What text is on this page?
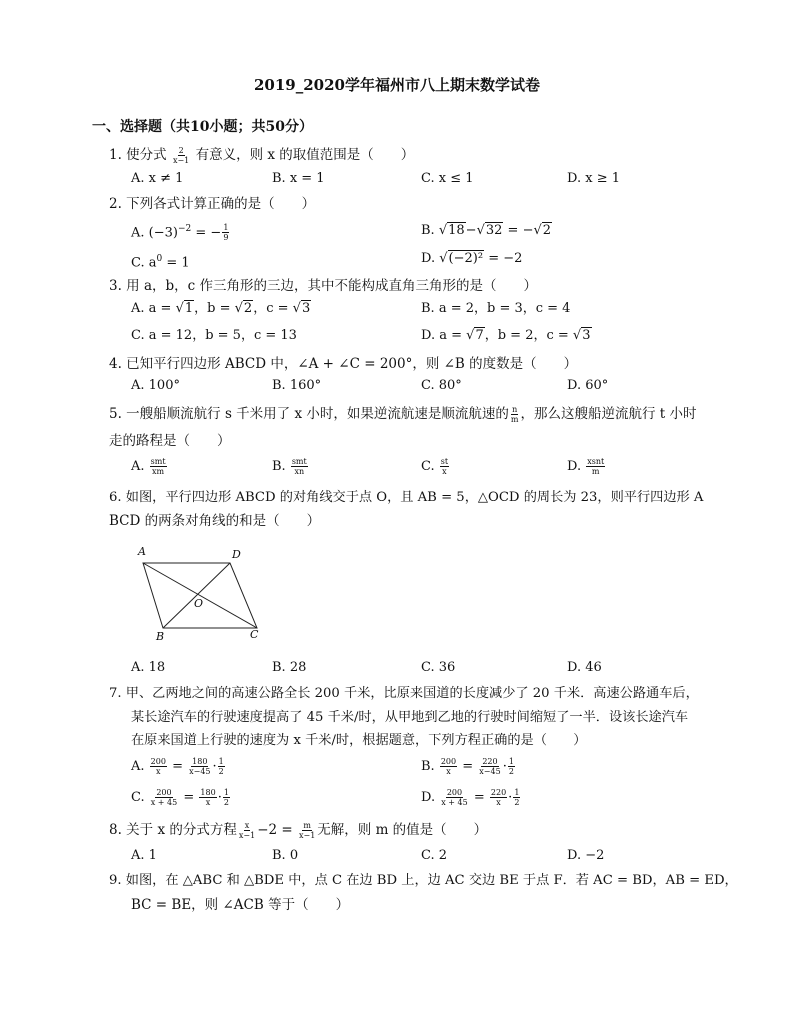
2019_2020学年福州市八上期末数学试卷
一、选择题（共10小题；共50分）
1. 使分式 $\frac{2}{x-1}$ 有意义，则 x 的取值范围是（　　）
A. x ≠ 1	B. x = 1	C. x ≤ 1	D. x ≥ 1
2. 下列各式计算正确的是（　　）
A. $(-3)^{-2}$ = − $\frac{1}{9}$	B. √18−√32 = −√2
C. $a^0 = 1$	D. √(−2)² = −2
3. 用 a，b，c 作三角形的三边，其中不能构成直角三角形的是（　　）
A. a = √1，b = √2，c = √3	B. a = 2，b = 3，c = 4
C. a = 12，b = 5，c = 13	D. a = √7，b = 2，c = √3
4. 已知平行四边形 ABCD 中，∠A + ∠C = 200°，则 ∠B 的度数是（　　）
A. 100°	B. 160°	C. 80°	D. 60°
5. 一艘船顺流航行 s 千米用了 x 小时，如果逆流航速是顺流航速的 $\frac{n}{m}$ ，那么这艘船逆流航行 t 小时
走的路程是（　　）
A. $\frac{\text{smt}}{xm}$	B. $\frac{\text{smt}}{xn}$	C. $\frac{st}{x}$	D. $\frac{\text{xsnt}}{m}$
6. 如图，平行四边形 ABCD 的对角线交于点 O，且 AB = 5，△OCD 的周长为 23，则平行四边形 A
BCD 的两条对角线的和是（　　）
A	D
O
B	C
A. 18	B. 28	C. 36	D. 46
7. 甲、乙两地之间的高速公路全长 200 千米，比原来国道的长度减少了 20 千米．高速公路通车后，
某长途汽车的行驶速度提高了 45 千米/时，从甲地到乙地的行驶时间缩短了一半．设该长途汽车
在原来国道上行驶的速度为 x 千米/时，根据题意，下列方程正确的是（　　）
A. $\frac{200}{x} = \frac{180}{x-45} \cdot \frac{1}{2}$	B. $\frac{200}{x} = \frac{220}{x-45} \cdot \frac{1}{2}$
C. $\frac{200}{x + 45} = \frac{180}{x} \cdot \frac{1}{2}$	D. $\frac{200}{x + 45} = \frac{220}{x} \cdot \frac{1}{2}$
8. 关于 x 的分式方程 $\frac{x}{x-1} -2 = \frac{m}{x-1}$ 无解，则 m 的值是（　　）
A. 1	B. 0	C. 2	D. −2
9. 如图，在 △ABC 和 △BDE 中，点 C 在边 BD 上，边 AC 交边 BE 于点 F．若 AC = BD，AB = ED，
BC = BE，则 ∠ACB 等于（　　）
